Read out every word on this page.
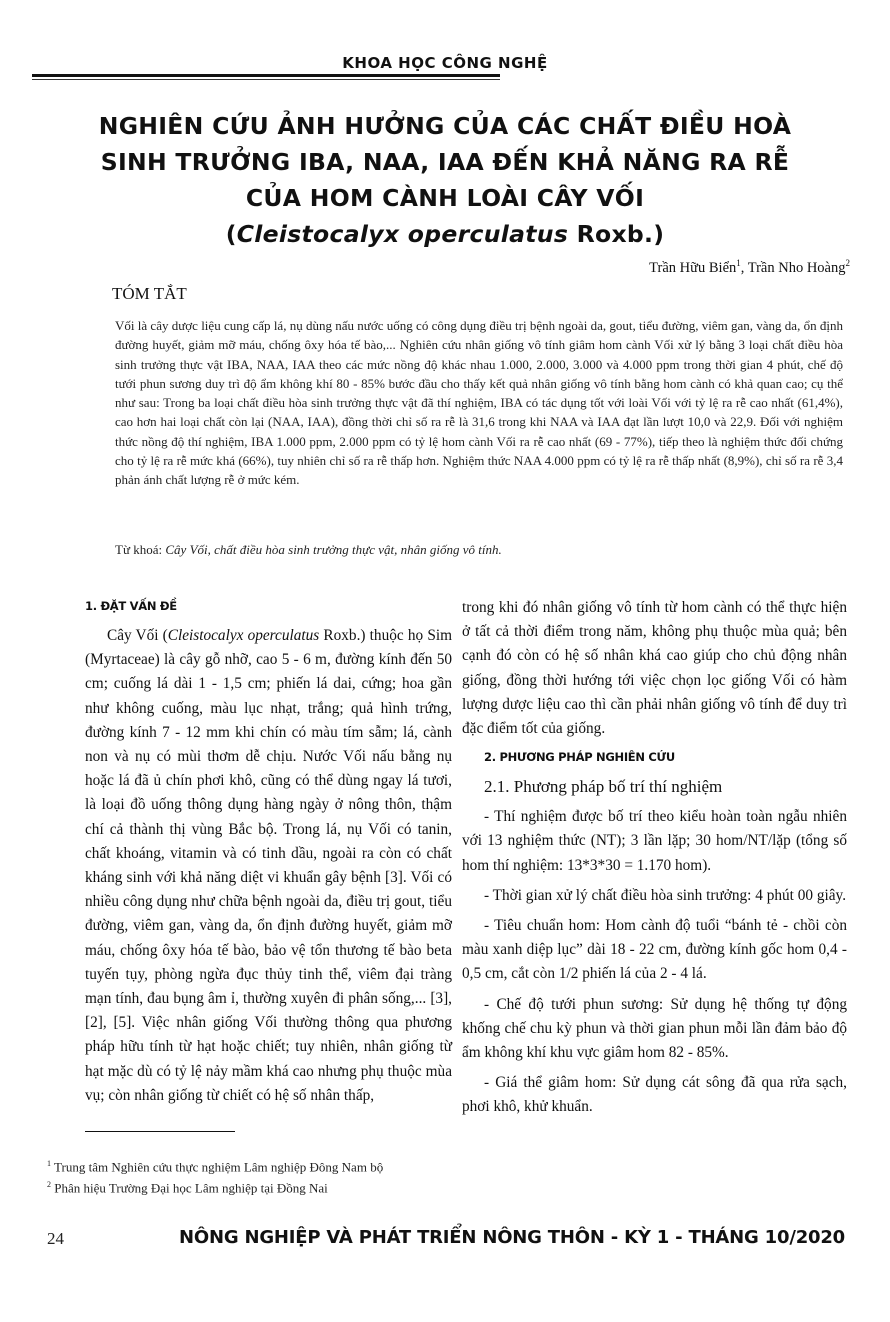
KHOA HỌC CÔNG NGHỆ
NGHIÊN CỨU ẢNH HƯỞNG CỦA CÁC CHẤT ĐIỀU HOÀ
SINH TRƯỞNG IBA, NAA, IAA ĐẾN KHẢ NĂNG RA RỄ
CỦA HOM CÀNH LOÀI CÂY VỐI
(Cleistocalyx operculatus Roxb.)
Trần Hữu Biển$^1$, Trần Nho Hoàng$^2$
TÓM TẮT
Vối là cây dược liệu cung cấp lá, nụ dùng nấu nước uống có công dụng điều trị bệnh ngoài da, gout, tiểu đường, viêm gan, vàng da, ổn định đường huyết, giảm mỡ máu, chống ôxy hóa tế bào,... Nghiên cứu nhân giống vô tính giâm hom cành Vối xử lý bằng 3 loại chất điều hòa sinh trưởng thực vật IBA, NAA, IAA theo các mức nồng độ khác nhau 1.000, 2.000, 3.000 và 4.000 ppm trong thời gian 4 phút, chế độ tưới phun sương duy trì độ ẩm không khí 80 - 85% bước đầu cho thấy kết quả nhân giống vô tính bằng hom cành có khả quan cao; cụ thể như sau: Trong ba loại chất điều hòa sinh trưởng thực vật đã thí nghiệm, IBA có tác dụng tốt với loài Vối với tỷ lệ ra rễ cao nhất (61,4%), cao hơn hai loại chất còn lại (NAA, IAA), đồng thời chỉ số ra rễ là 31,6 trong khi NAA và IAA đạt lần lượt 10,0 và 22,9. Đối với nghiệm thức nồng độ thí nghiệm, IBA 1.000 ppm, 2.000 ppm có tỷ lệ hom cành Vối ra rễ cao nhất (69 - 77%), tiếp theo là nghiệm thức đối chứng cho tỷ lệ ra rễ mức khá (66%), tuy nhiên chỉ số ra rễ thấp hơn. Nghiệm thức NAA 4.000 ppm có tỷ lệ ra rễ thấp nhất (8,9%), chỉ số ra rễ 3,4 phản ánh chất lượng rễ ở mức kém.
Từ khoá: Cây Vối, chất điều hòa sinh trưởng thực vật, nhân giống vô tính.
1. ĐẶT VẤN ĐỀ

Cây Vối (Cleistocalyx operculatus Roxb.) thuộc họ Sim (Myrtaceae) là cây gỗ nhỡ, cao 5 - 6 m, đường kính đến 50 cm; cuống lá dài 1 - 1,5 cm; phiến lá dai, cứng; hoa gần như không cuống, màu lục nhạt, trắng; quả hình trứng, đường kính 7 - 12 mm khi chín có màu tím sẫm; lá, cành non và nụ có mùi thơm dễ chịu. Nước Vối nấu bằng nụ hoặc lá đã ủ chín phơi khô, cũng có thể dùng ngay lá tươi, là loại đồ uống thông dụng hàng ngày ở nông thôn, thậm chí cả thành thị vùng Bắc bộ. Trong lá, nụ Vối có tanin, chất khoáng, vitamin và có tinh dầu, ngoài ra còn có chất kháng sinh với khả năng diệt vi khuẩn gây bệnh [3]. Vối có nhiều công dụng như chữa bệnh ngoài da, điều trị gout, tiểu đường, viêm gan, vàng da, ổn định đường huyết, giảm mỡ máu, chống ôxy hóa tế bào, bảo vệ tổn thương tế bào beta tuyến tụy, phòng ngừa đục thủy tinh thể, viêm đại tràng mạn tính, đau bụng âm ỉ, thường xuyên đi phân sống,... [3], [2], [5]. Việc nhân giống Vối thường thông qua phương pháp hữu tính từ hạt hoặc chiết; tuy nhiên, nhân giống từ hạt mặc dù có tỷ lệ nảy mầm khá cao nhưng phụ thuộc mùa vụ; còn nhân giống từ chiết có hệ số nhân thấp,

trong khi đó nhân giống vô tính từ hom cành có thể thực hiện ở tất cả thời điểm trong năm, không phụ thuộc mùa quả; bên cạnh đó còn có hệ số nhân khá cao giúp cho chủ động nhân giống, đồng thời hướng tới việc chọn lọc giống Vối có hàm lượng dược liệu cao thì cần phải nhân giống vô tính để duy trì đặc điểm tốt của giống.

2. PHƯƠNG PHÁP NGHIÊN CỨU
2.1. Phương pháp bố trí thí nghiệm

- Thí nghiệm được bố trí theo kiểu hoàn toàn ngẫu nhiên với 13 nghiệm thức (NT); 3 lần lặp; 30 hom/NT/lặp (tổng số hom thí nghiệm: 13*3*30 = 1.170 hom).

- Thời gian xử lý chất điều hòa sinh trưởng: 4 phút 00 giây.

- Tiêu chuẩn hom: Hom cành độ tuổi “bánh tẻ - chồi còn màu xanh diệp lục” dài 18 - 22 cm, đường kính gốc hom 0,4 - 0,5 cm, cắt còn 1/2 phiến lá của 2 - 4 lá.

- Chế độ tưới phun sương: Sử dụng hệ thống tự động khống chế chu kỳ phun và thời gian phun mỗi lần đảm bảo độ ẩm không khí khu vực giâm hom 82 - 85%.

- Giá thể giâm hom: Sử dụng cát sông đã qua rửa sạch, phơi khô, khử khuẩn.

$^1$ Trung tâm Nghiên cứu thực nghiệm Lâm nghiệp Đông Nam bộ

$^2$ Phân hiệu Trường Đại học Lâm nghiệp tại Đồng Nai

24	NÔNG NGHIỆP VÀ PHÁT TRIỂN NÔNG THÔN - KỲ 1 - THÁNG 10/2020
